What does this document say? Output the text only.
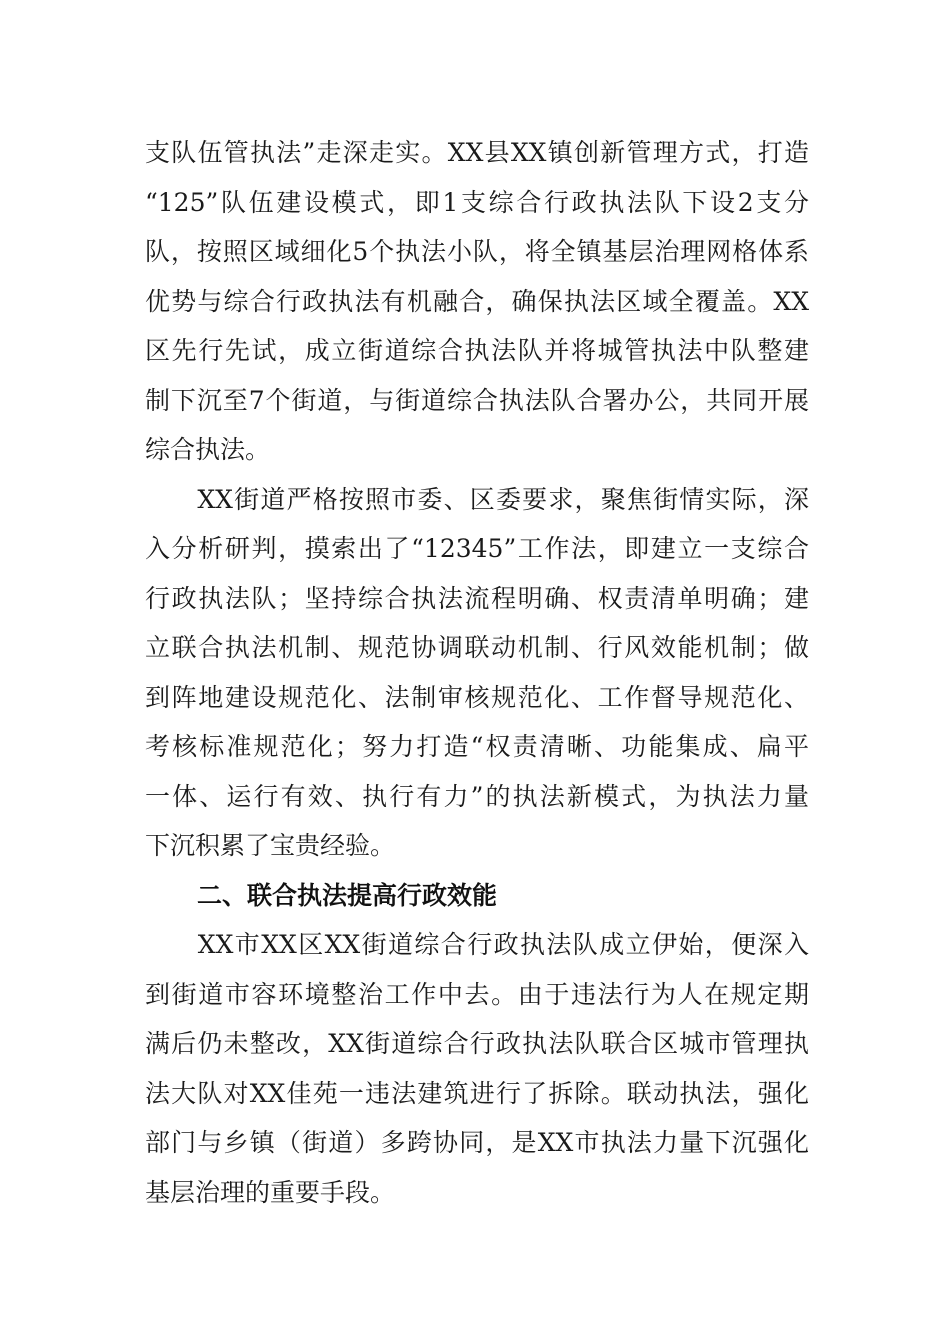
支队伍管执法”走深走实。XX县XX镇创新管理方式，打造
“125”队伍建设模式，即1支综合行政执法队下设2支分
队，按照区域细化5个执法小队，将全镇基层治理网格体系
优势与综合行政执法有机融合，确保执法区域全覆盖。XX
区先行先试，成立街道综合执法队并将城管执法中队整建
制下沉至7个街道，与街道综合执法队合署办公，共同开展
综合执法。
　　XX街道严格按照市委、区委要求，聚焦街情实际，深
入分析研判，摸索出了“12345”工作法，即建立一支综合
行政执法队；坚持综合执法流程明确、权责清单明确；建
立联合执法机制、规范协调联动机制、行风效能机制；做
到阵地建设规范化、法制审核规范化、工作督导规范化、
考核标准规范化；努力打造“权责清晰、功能集成、扁平
一体、运行有效、执行有力”的执法新模式，为执法力量
下沉积累了宝贵经验。
二、联合执法提高行政效能
　　XX市XX区XX街道综合行政执法队成立伊始，便深入
到街道市容环境整治工作中去。由于违法行为人在规定期
满后仍未整改，XX街道综合行政执法队联合区城市管理执
法大队对XX佳苑一违法建筑进行了拆除。联动执法，强化
部门与乡镇（街道）多跨协同，是XX市执法力量下沉强化
基层治理的重要手段。
